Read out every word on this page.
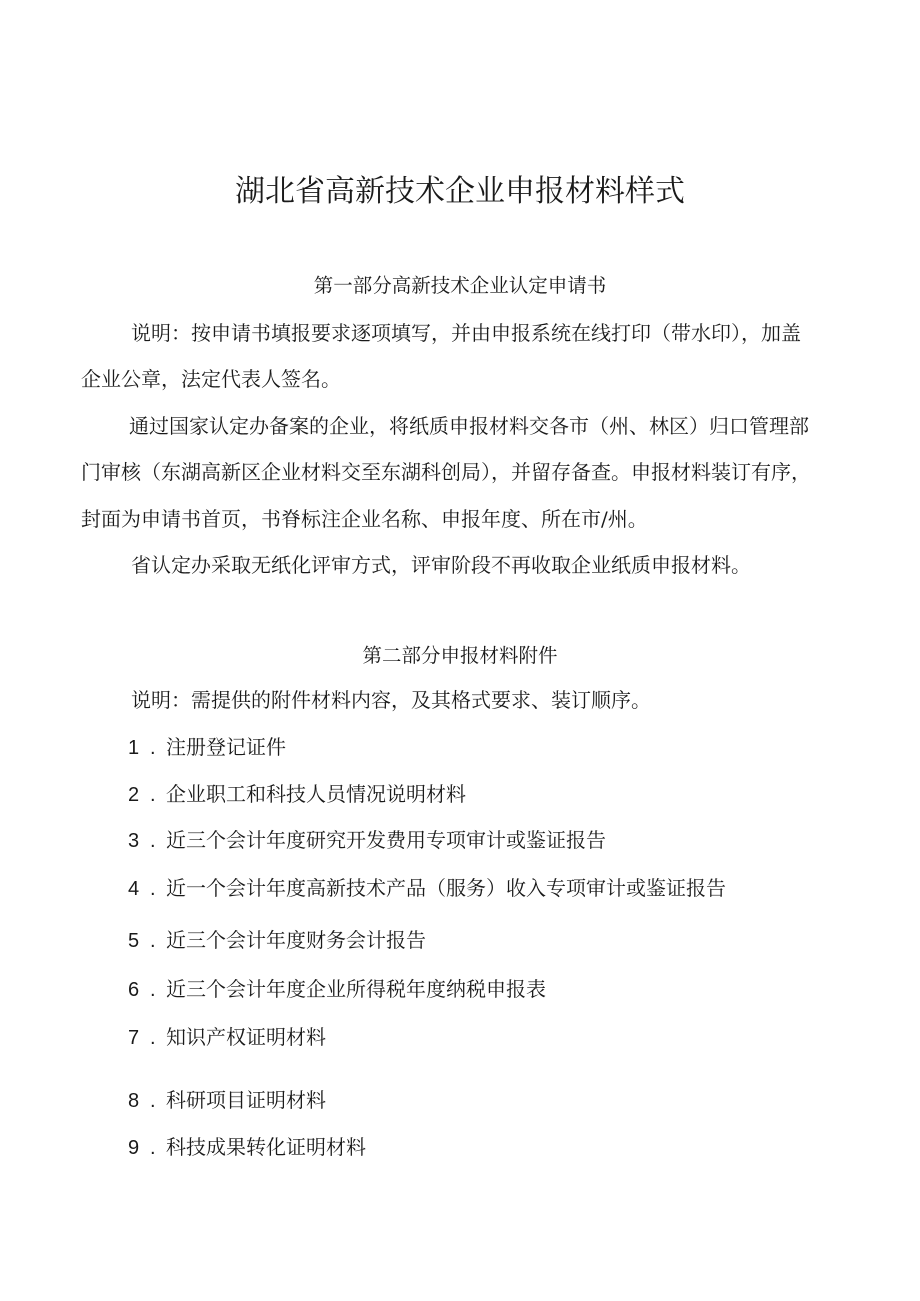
湖北省高新技术企业申报材料样式
第一部分高新技术企业认定申请书

说明：按申请书填报要求逐项填写，并由申报系统在线打印（带水印），加盖

企业公章，法定代表人签名。

通过国家认定办备案的企业，将纸质申报材料交各市（州、林区）归口管理部

门审核（东湖高新区企业材料交至东湖科创局），并留存备查。申报材料装订有序，

封面为申请书首页，书脊标注企业名称、申报年度、所在市/州。

省认定办采取无纸化评审方式，评审阶段不再收取企业纸质申报材料。

第二部分申报材料附件

说明：需提供的附件材料内容，及其格式要求、装订顺序。

1 . 注册登记证件
2 . 企业职工和科技人员情况说明材料
3 . 近三个会计年度研究开发费用专项审计或鉴证报告
4 . 近一个会计年度高新技术产品（服务）收入专项审计或鉴证报告
5 . 近三个会计年度财务会计报告
6 . 近三个会计年度企业所得税年度纳税申报表
7 . 知识产权证明材料
8 . 科研项目证明材料
9 . 科技成果转化证明材料
